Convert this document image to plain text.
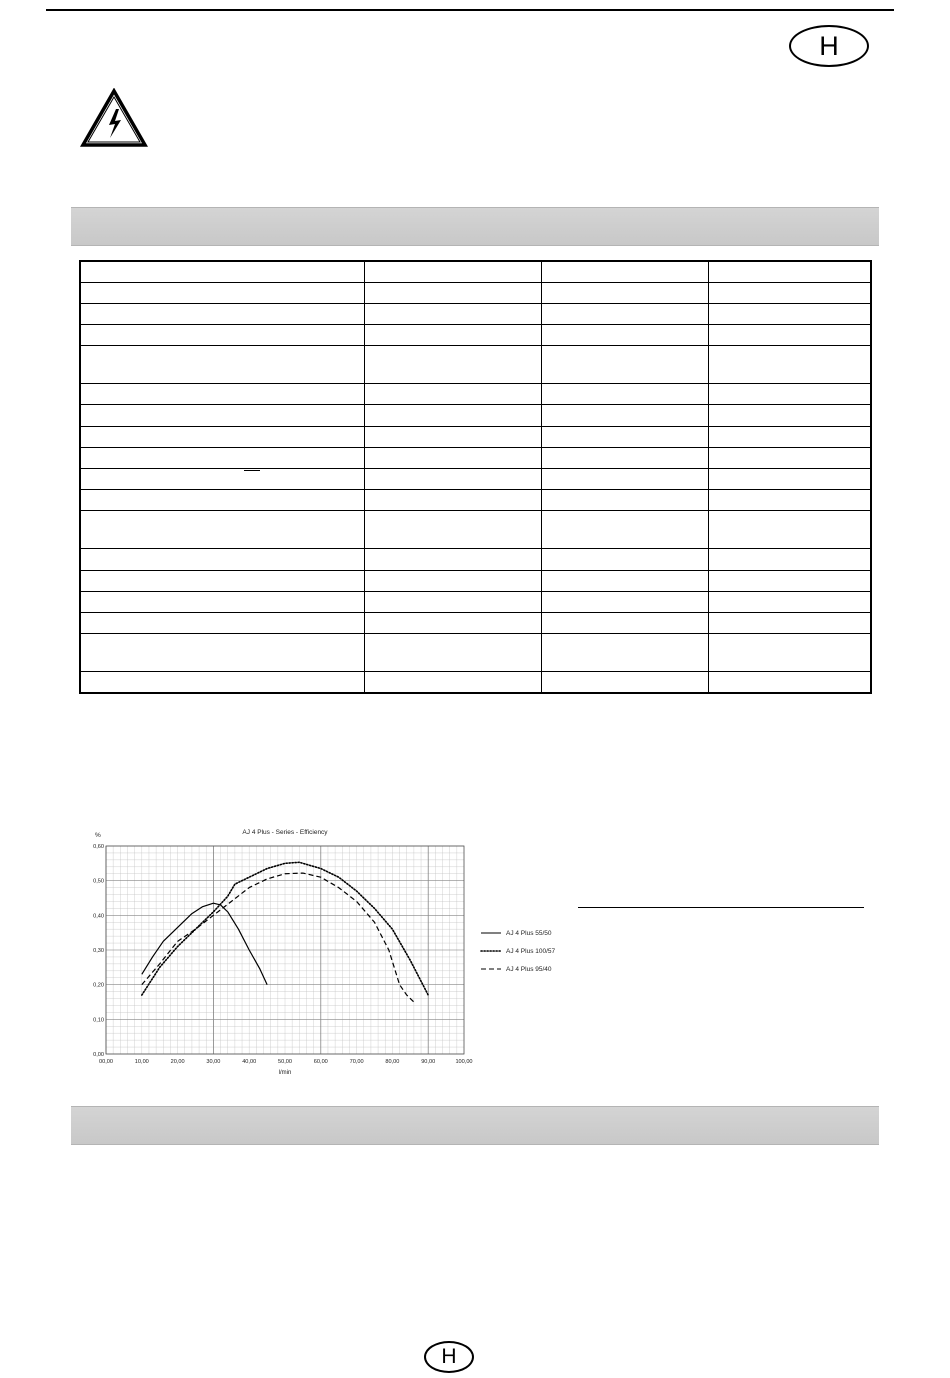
H

AJ 4 Plus - Series - Efficiency
%
l/min
00,00	10,00	20,00	30,00	40,00	50,00	60,00	70,00	80,00	90,00	100,00
0,00
0,10
0,20
0,30
0,40
0,50
0,60
AJ 4 Plus 55/50
AJ 4 Plus 100/57
AJ 4 Plus 95/40
H
